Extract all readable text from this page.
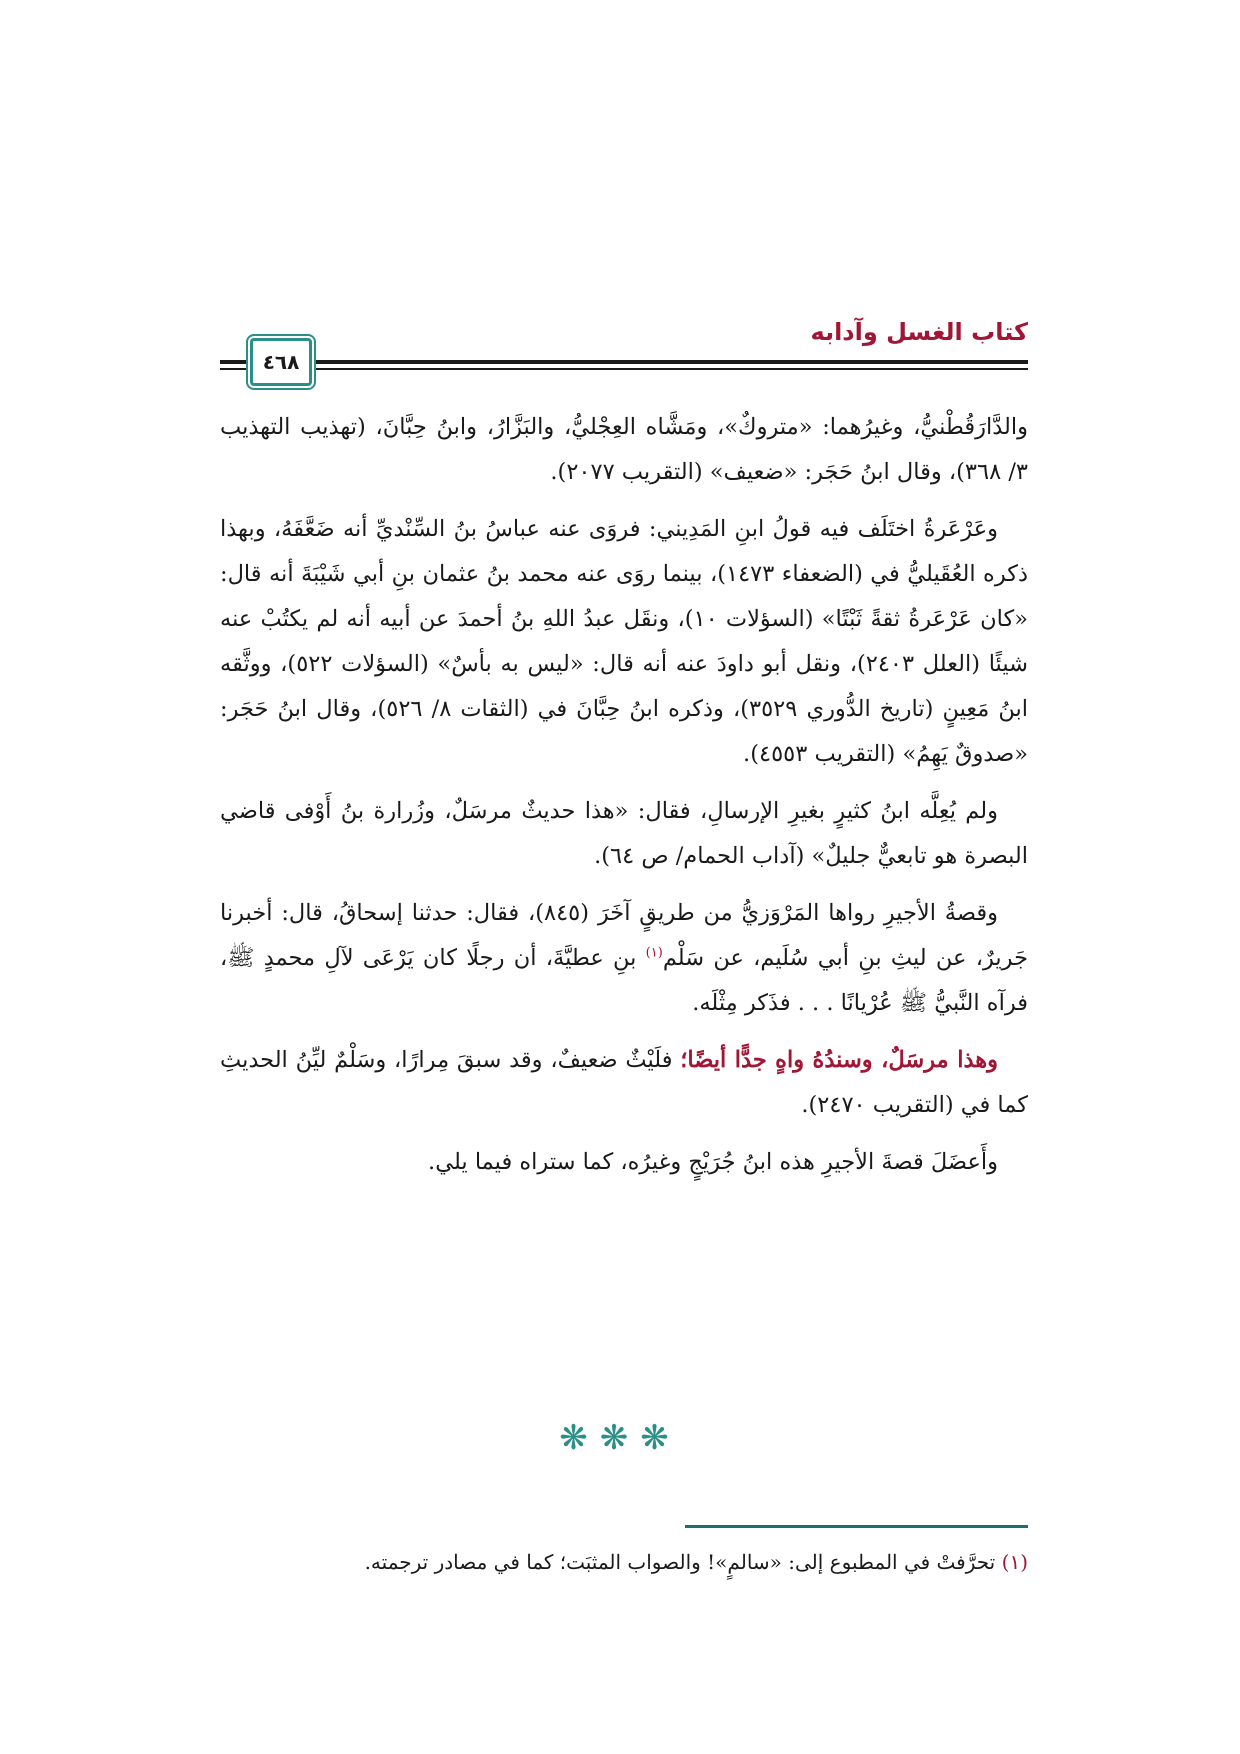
كتاب الغسل وآدابه
٤٦٨

والدَّارَقُطْنيُّ، وغيرُهما: «متروكٌ»، ومَشَّاه العِجْليُّ، والبَزَّارُ، وابنُ حِبَّانَ، (تهذيب التهذيب ٣/ ٣٦٨)، وقال ابنُ حَجَر: «ضعيف» (التقريب ٢٠٧٧).

وعَرْعَرةُ اختَلَف فيه قولُ ابنِ المَدِيني: فروَى عنه عباسُ بنُ السِّنْديِّ أنه ضَعَّفَهُ، وبهذا ذكره العُقَيليُّ في (الضعفاء ١٤٧٣)، بينما روَى عنه محمد بنُ عثمان بنِ أبي شَيْبَةَ أنه قال: «كان عَرْعَرةُ ثقةً ثَبْتًا» (السؤلات ١٠)، ونقَل عبدُ اللهِ بنُ أحمدَ عن أبيه أنه لم يكتُبْ عنه شيئًا (العلل ٢٤٠٣)، ونقل أبو داودَ عنه أنه قال: «ليس به بأسٌ» (السؤلات ٥٢٢)، ووثَّقه ابنُ مَعِينٍ (تاريخ الدُّوري ٣٥٢٩)، وذكره ابنُ حِبَّانَ في (الثقات ٨/ ٥٢٦)، وقال ابنُ حَجَر: «صدوقٌ يَهِمُ» (التقريب ٤٥٥٣).

ولم يُعِلَّه ابنُ كثيرٍ بغيرِ الإرسالِ، فقال: «هذا حديثٌ مرسَلٌ، وزُرارة بنُ أَوْفى قاضي البصرة هو تابعيٌّ جليلٌ» (آداب الحمام/ ص ٦٤).

وقصةُ الأجيرِ رواها المَرْوَزيُّ من طريقٍ آخَرَ (٨٤٥)، فقال: حدثنا إسحاقُ، قال: أخبرنا جَريرٌ، عن ليثِ بنِ أبي سُلَيم، عن سَلْم$^{(١)}$ بنِ عطيَّةَ، أن رجلًا كان يَرْعَى لآلِ محمدٍ ﷺ، فرآه النَّبيُّ ﷺ عُرْيانًا . . . فذَكر مِثْلَه.

وهذا مرسَلٌ، وسندُهُ واهٍ جدًّا أيضًا؛ فلَيْثٌ ضعيفٌ، وقد سبقَ مِرارًا، وسَلْمٌ ليِّنُ الحديثِ كما في (التقريب ٢٤٧٠).

وأَعضَلَ قصةَ الأجيرِ هذه ابنُ جُرَيْجٍ وغيرُه، كما ستراه فيما يلي.

❋❋❋
(١) تحرَّفتْ في المطبوع إلى: «سالمٍ»! والصواب المثبَت؛ كما في مصادر ترجمته.
